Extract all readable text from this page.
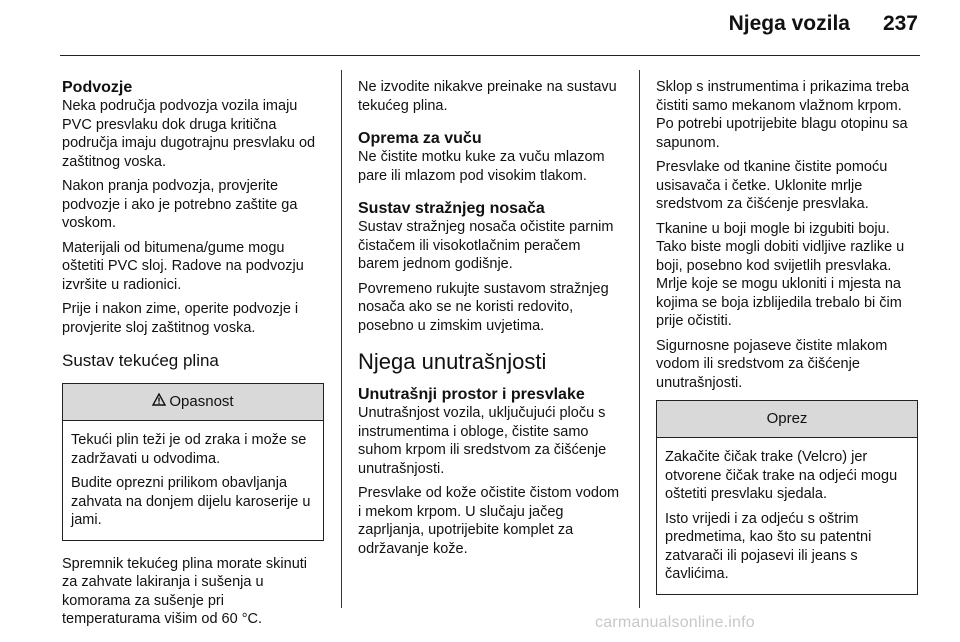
Njega vozila	237
Podvozje

Neka područja podvozja vozila imaju PVC presvlaku dok druga kritična područja imaju dugotrajnu presvlaku od zaštitnog voska.

Nakon pranja podvozja, provjerite podvozje i ako je potrebno zaštite ga voskom.

Materijali od bitumena/gume mogu oštetiti PVC sloj. Radove na podvozju izvršite u radionici.

Prije i nakon zime, operite podvozje i provjerite sloj zaštitnog voska.

Sustav tekućeg plina
Opasnost

Tekući plin teži je od zraka i može se zadržavati u odvodima.

Budite oprezni prilikom obavljanja zahvata na donjem dijelu karoserije u jami.

Spremnik tekućeg plina morate skinuti za zahvate lakiranja i sušenja u komorama za sušenje pri temperaturama višim od 60 °C.

Ne izvodite nikakve preinake na sustavu tekućeg plina.

Oprema za vuču

Ne čistite motku kuke za vuču mlazom pare ili mlazom pod visokim tlakom.

Sustav stražnjeg nosača

Sustav stražnjeg nosača očistite parnim čistačem ili visokotlačnim peračem barem jednom godišnje.

Povremeno rukujte sustavom stražnjeg nosača ako se ne koristi redovito, posebno u zimskim uvjetima.

Njega unutrašnjosti
Unutrašnji prostor i presvlake

Unutrašnjost vozila, uključujući ploču s instrumentima i obloge, čistite samo suhom krpom ili sredstvom za čišćenje unutrašnjosti.

Presvlake od kože očistite čistom vodom i mekom krpom. U slučaju jačeg zaprljanja, upotrijebite komplet za održavanje kože.

Sklop s instrumentima i prikazima treba čistiti samo mekanom vlažnom krpom. Po potrebi upotrijebite blagu otopinu sa sapunom.

Presvlake od tkanine čistite pomoću usisavača i četke. Uklonite mrlje sredstvom za čišćenje presvlaka.

Tkanine u boji mogle bi izgubiti boju. Tako biste mogli dobiti vidljive razlike u boji, posebno kod svijetlih presvlaka. Mrlje koje se mogu ukloniti i mjesta na kojima se boja izblijedila trebalo bi čim prije očistiti.

Sigurnosne pojaseve čistite mlakom vodom ili sredstvom za čišćenje unutrašnjosti.

Oprez

Zakačite čičak trake (Velcro) jer otvorene čičak trake na odjeći mogu oštetiti presvlaku sjedala.

Isto vrijedi i za odjeću s oštrim predmetima, kao što su patentni zatvarači ili pojasevi ili jeans s čavlićima.

carmanualsonline.info
